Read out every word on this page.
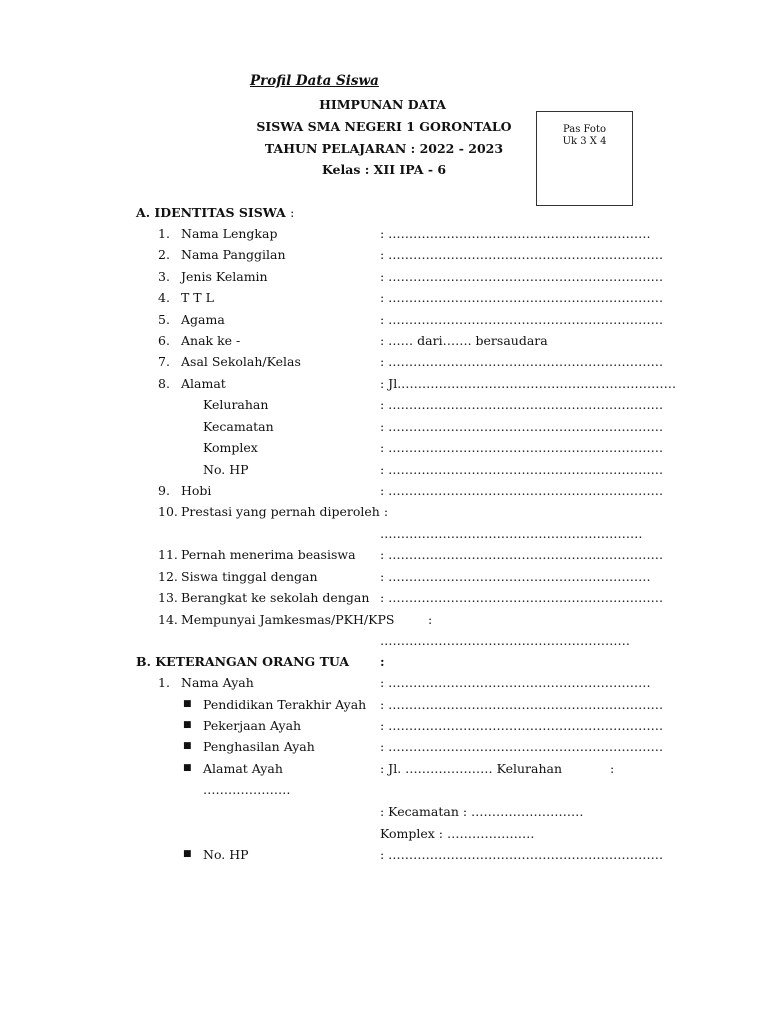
Profil Data Siswa
HIMPUNAN DATA
SISWA SMA NEGERI 1 GORONTALO
TAHUN PELAJARAN : 2022 - 2023
Kelas : XII IPA - 6
Pas Foto
Uk 3 X 4
A. IDENTITAS SISWA :
1. Nama Lengkap	: ………………………………………………………
2. Nama Panggilan	: …………………………………………………………
3. Jenis Kelamin	: …………………………………………………………
4. T T L	: …………………………………………………………
5. Agama	: …………………………………………………………
6. Anak ke -	: …… dari……. bersaudara
7. Asal Sekolah/Kelas	: …………………………………………………………
8. Alamat	: Jl.…………………………………………………………
Kelurahan	: …………………………………………………………
Kecamatan	: …………………………………………………………
Komplex	: …………………………………………………………
No. HP	: …………………………………………………………
9. Hobi	: …………………………………………………………
10. Prestasi yang pernah diperoleh :
………………………………………………………
11. Pernah menerima beasiswa : …………………………………………………………
12. Siswa tinggal dengan	: ………………………………………………………
13. Berangkat ke sekolah dengan : …………………………………………………………
14. Mempunyai Jamkesmas/PKH/KPS	:
……………………………………………………
B. KETERANGAN ORANG TUA :
1. Nama Ayah	: ………………………………………………………
■ Pendidikan Terakhir Ayah : …………………………………………………………
■ Pekerjaan Ayah	: …………………………………………………………
■ Penghasilan Ayah	: …………………………………………………………
■ Alamat Ayah	: Jl. ………………… Kelurahan	:
…………………
: Kecamatan : ………………………
Komplex : …………………
■ No. HP	: …………………………………………………………
